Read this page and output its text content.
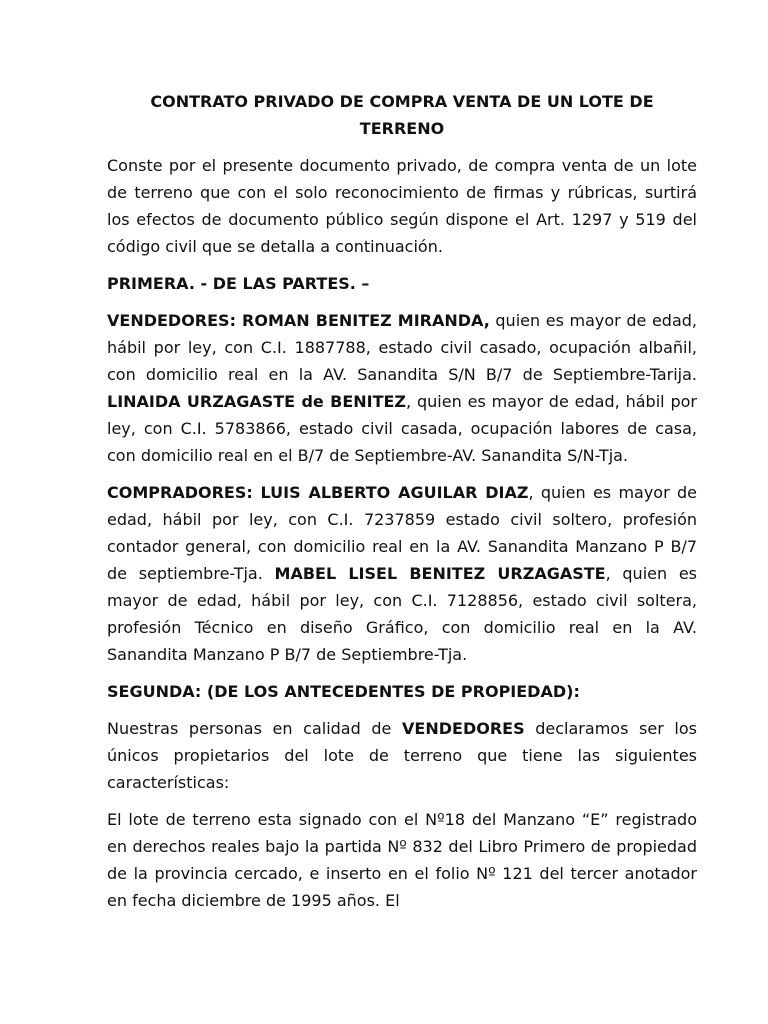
CONTRATO PRIVADO DE COMPRA VENTA DE UN LOTE DE
TERRENO

Conste por el presente documento privado, de compra venta de un lote de terreno que con el solo reconocimiento de firmas y rúbricas, surtirá los efectos de documento público según dispone el Art. 1297 y 519 del código civil que se detalla a continuación.

PRIMERA. - DE LAS PARTES. –

VENDEDORES: ROMAN BENITEZ MIRANDA, quien es mayor de edad, hábil por ley, con C.I. 1887788, estado civil casado, ocupación albañil, con domicilio real en la AV. Sanandita S/N B/7 de Septiembre-Tarija. LINAIDA URZAGASTE de BENITEZ, quien es mayor de edad, hábil por ley, con C.I. 5783866, estado civil casada, ocupación labores de casa, con domicilio real en el B/7 de Septiembre-AV. Sanandita S/N-Tja.

COMPRADORES: LUIS ALBERTO AGUILAR DIAZ, quien es mayor de edad, hábil por ley, con C.I. 7237859 estado civil soltero, profesión contador general, con domicilio real en la AV. Sanandita Manzano P B/7 de septiembre-Tja. MABEL LISEL BENITEZ URZAGASTE, quien es mayor de edad, hábil por ley, con C.I. 7128856, estado civil soltera, profesión Técnico en diseño Gráfico, con domicilio real en la AV. Sanandita Manzano P B/7 de Septiembre-Tja.

SEGUNDA: (DE LOS ANTECEDENTES DE PROPIEDAD):

Nuestras personas en calidad de VENDEDORES declaramos ser los únicos propietarios del lote de terreno que tiene las siguientes características:

El lote de terreno esta signado con el Nº18 del Manzano “E” registrado en derechos reales bajo la partida Nº 832 del Libro Primero de propiedad de la provincia cercado, e inserto en el folio Nº 121 del tercer anotador en fecha diciembre de 1995 años. El
